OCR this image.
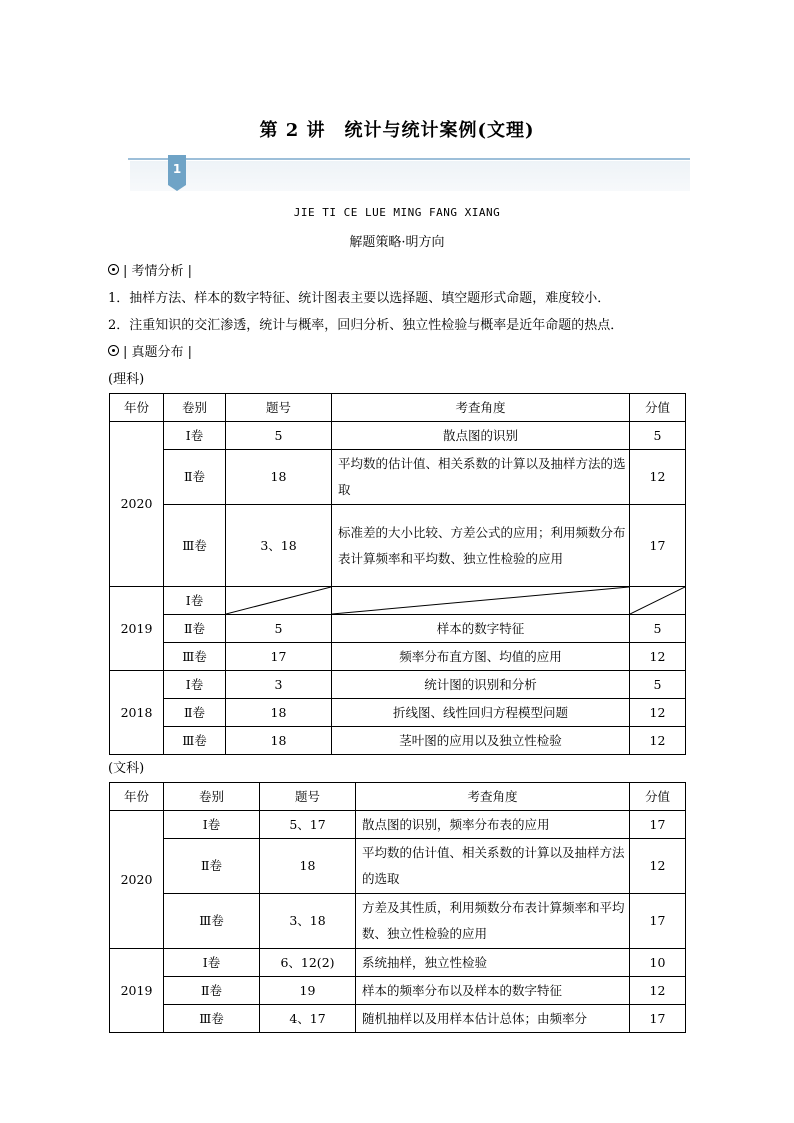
第 2 讲　统计与统计案例(文理)
1
JIE TI CE LUE MING FANG XIANG
解题策略·明方向
| 考情分析 |
1．抽样方法、样本的数字特征、统计图表主要以选择题、填空题形式命题，难度较小．
2．注重知识的交汇渗透，统计与概率，回归分析、独立性检验与概率是近年命题的热点．
| 真题分布 |
(理科)
年份	卷别	题号	考查角度	分值
2020	Ⅰ卷	5	散点图的识别	5
	Ⅱ卷	18	平均数的估计值、相关系数的计算以及抽样方法的选取	12
	Ⅲ卷	3、18	标准差的大小比较、方差公式的应用；利用频数分布表计算频率和平均数、独立性检验的应用	17
2019	Ⅰ卷	

	Ⅱ卷	5	样本的数字特征	5
	Ⅲ卷	17	频率分布直方图、均值的应用	12
2018	Ⅰ卷	3	统计图的识别和分析	5
	Ⅱ卷	18	折线图、线性回归方程模型问题	12
	Ⅲ卷	18	茎叶图的应用以及独立性检验	12
(文科)
年份	卷别	题号	考查角度	分值
2020	Ⅰ卷	5、17	散点图的识别，频率分布表的应用	17
	Ⅱ卷	18	平均数的估计值、相关系数的计算以及抽样方法的选取	12
	Ⅲ卷	3、18	方差及其性质，利用频数分布表计算频率和平均数、独立性检验的应用	17
2019	Ⅰ卷	6、12(2)	系统抽样，独立性检验	10
	Ⅱ卷	19	样本的频率分布以及样本的数字特征	12
	Ⅲ卷	4、17	随机抽样以及用样本估计总体；由频率分	17
